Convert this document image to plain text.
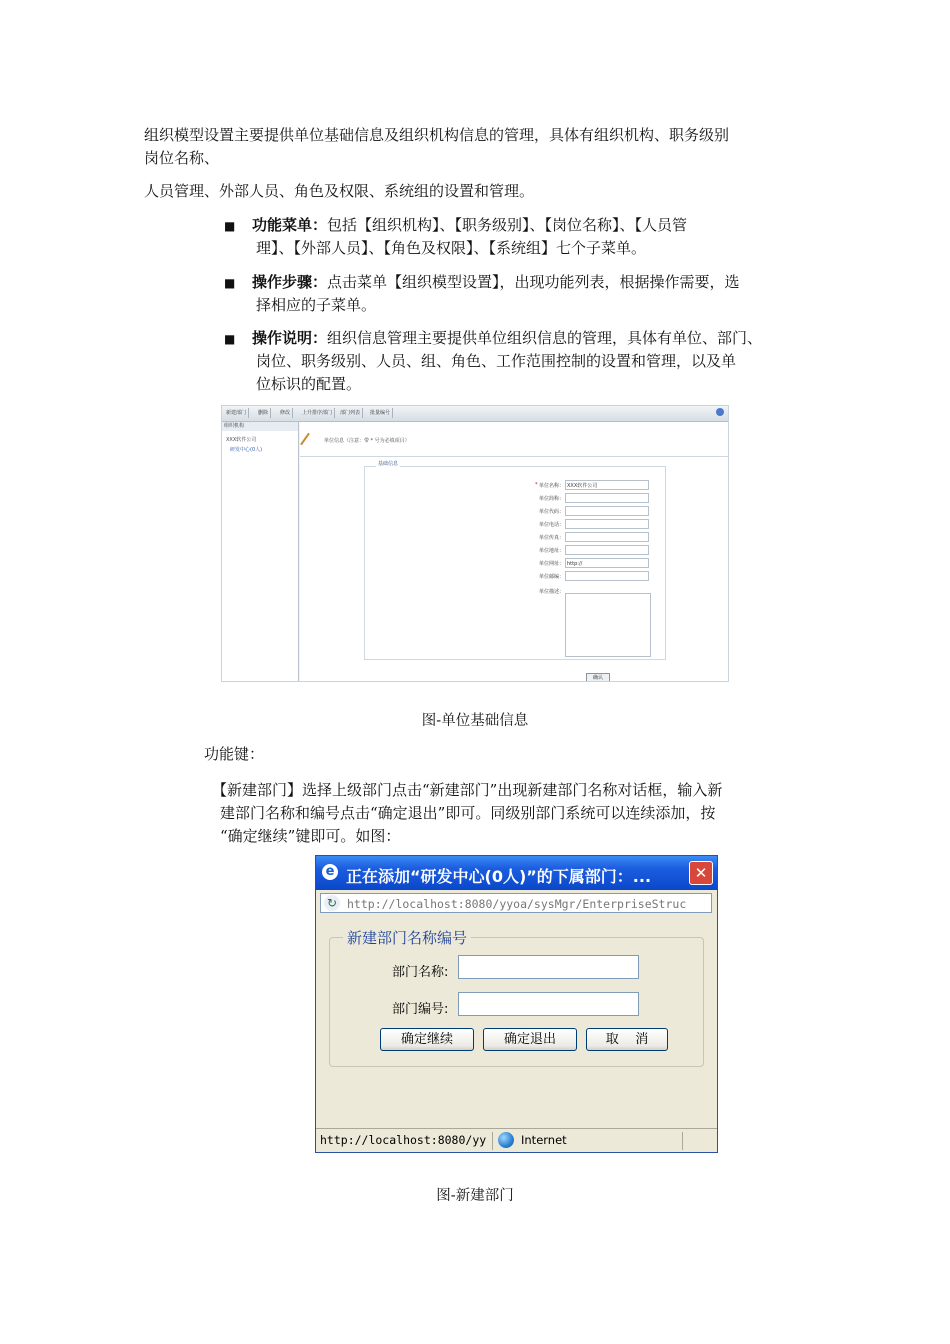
组织模型设置主要提供单位基础信息及组织机构信息的管理，具体有组织机构、职务级别
岗位名称、
人员管理、外部人员、角色及权限、系统组的设置和管理。
■ 功能菜单：包括【组织机构】、【职务级别】、【岗位名称】、【人员管
理】、【外部人员】、【角色及权限】、【系统组】七个子菜单。
■ 操作步骤：点击菜单【组织模型设置】，出现功能列表，根据操作需要，选
择相应的子菜单。
■ 操作说明：组织信息管理主要提供单位组织信息的管理，具体有单位、部门、
岗位、职务级别、人员、组、角色、工作范围控制的设置和管理，以及单
位标识的配置。
新建部门	删除	修改	上升排序部门	部门列表	批量编号
组织机构
XXX软件公司
研发中心(0人)
单位信息（注意：带 * 号为必填项目）
基础信息
* 单位名称： XXX软件公司
单位简称：
单位代码：
单位电话：
单位传真：
单位地址：
单位网址： http://
单位邮编：
单位描述：
确认
图-单位基础信息
功能键：
【新建部门】选择上级部门点击“新建部门”出现新建部门名称对话框，输入新
建部门名称和编号点击“确定退出”即可。同级别部门系统可以连续添加，按
“确定继续”键即可。如图：
e 正在添加“研发中心(0人)”的下属部门：...	✕
↻ http://localhost:8080/yyoa/sysMgr/EnterpriseStruc
新建部门名称编号
部门名称:
部门编号:
确定继续	确定退出	取    消
http://localhost:8080/yy	Internet
图-新建部门
